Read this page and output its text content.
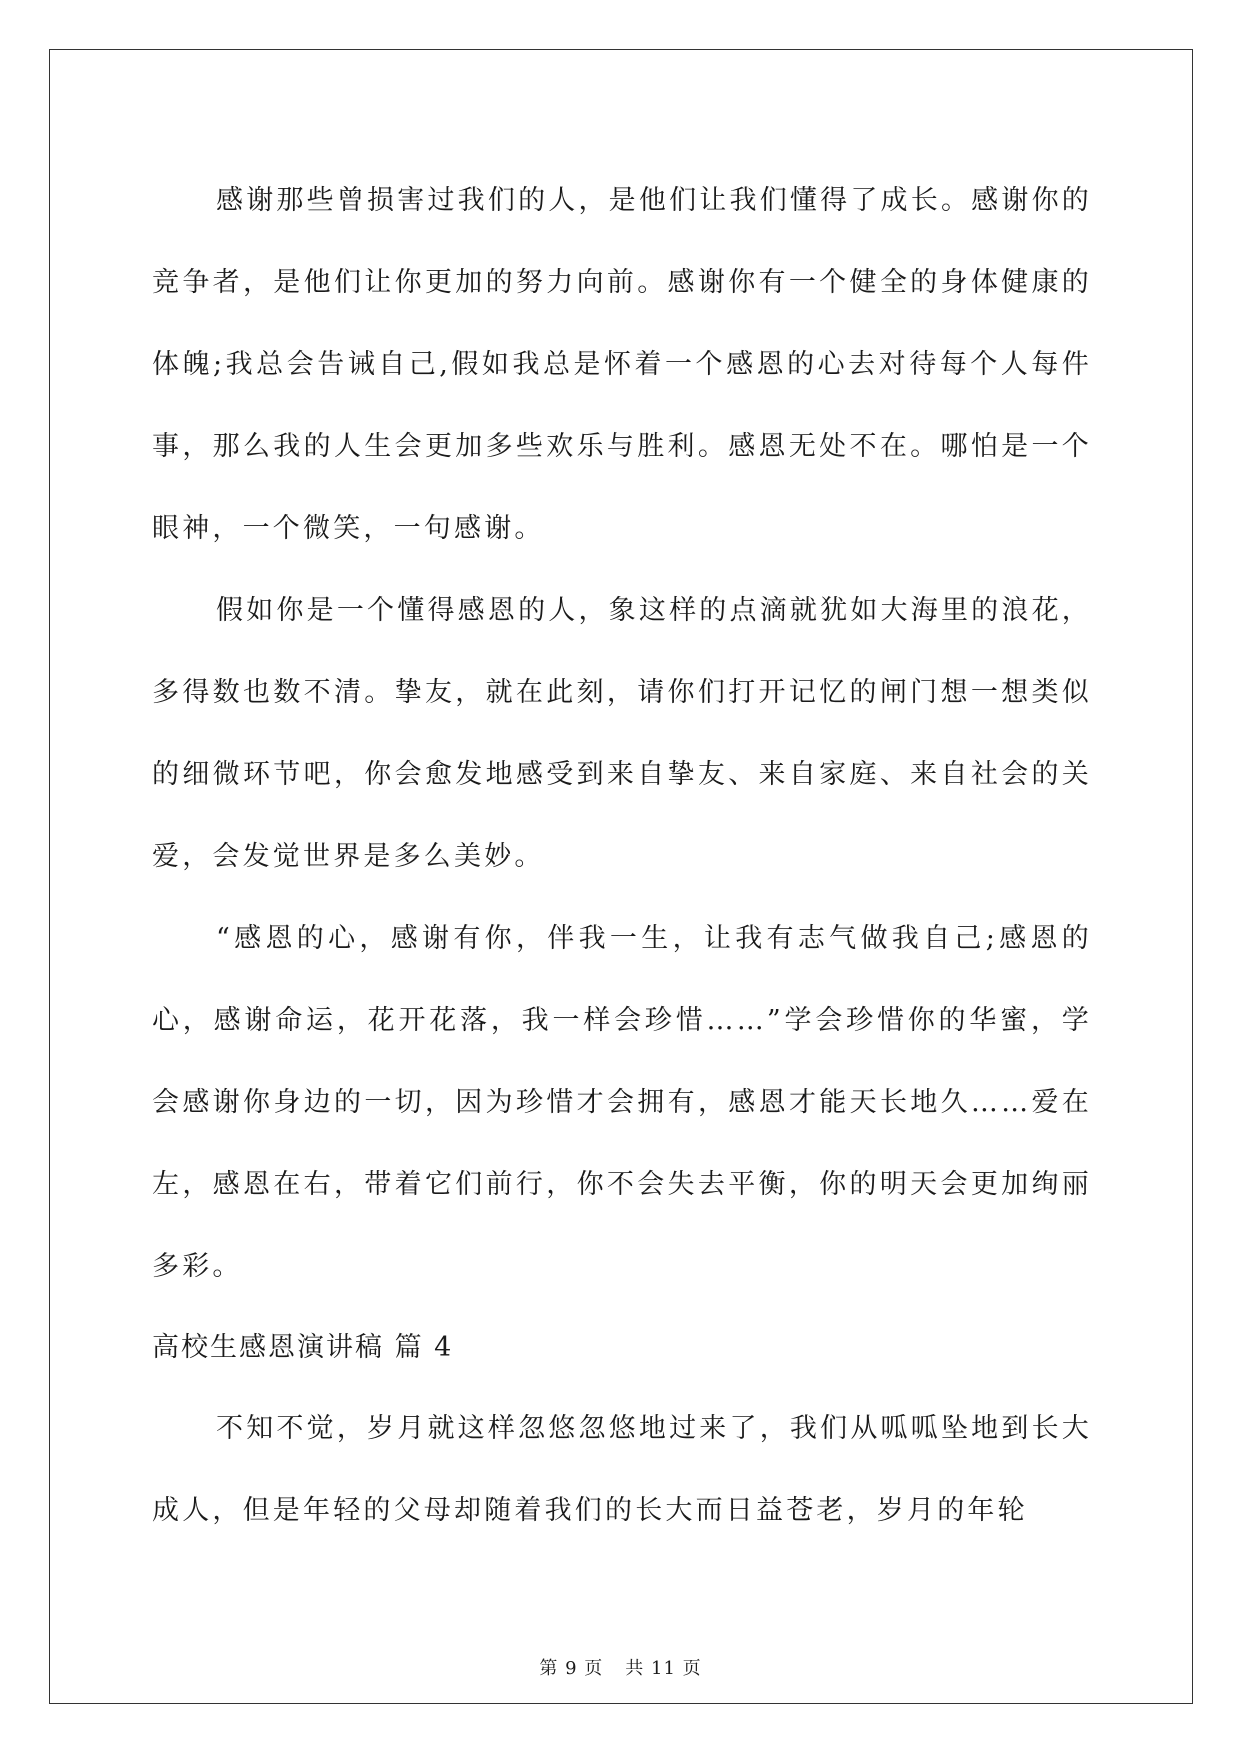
感谢那些曾损害过我们的人，是他们让我们懂得了成长。感谢你的竞争者，是他们让你更加的努力向前。感谢你有一个健全的身体健康的体魄;我总会告诫自己,假如我总是怀着一个感恩的心去对待每个人每件事，那么我的人生会更加多些欢乐与胜利。感恩无处不在。哪怕是一个眼神，一个微笑，一句感谢。

假如你是一个懂得感恩的人，象这样的点滴就犹如大海里的浪花，多得数也数不清。挚友，就在此刻，请你们打开记忆的闸门想一想类似的细微环节吧，你会愈发地感受到来自挚友、来自家庭、来自社会的关爱，会发觉世界是多么美妙。

“感恩的心，感谢有你，伴我一生，让我有志气做我自己;感恩的心，感谢命运，花开花落，我一样会珍惜……”学会珍惜你的华蜜，学会感谢你身边的一切，因为珍惜才会拥有，感恩才能天长地久……爱在左，感恩在右，带着它们前行，你不会失去平衡，你的明天会更加绚丽多彩。

高校生感恩演讲稿 篇 4

不知不觉，岁月就这样忽悠忽悠地过来了，我们从呱呱坠地到长大成人，但是年轻的父母却随着我们的长大而日益苍老，岁月的年轮

第 9 页 共 11 页
